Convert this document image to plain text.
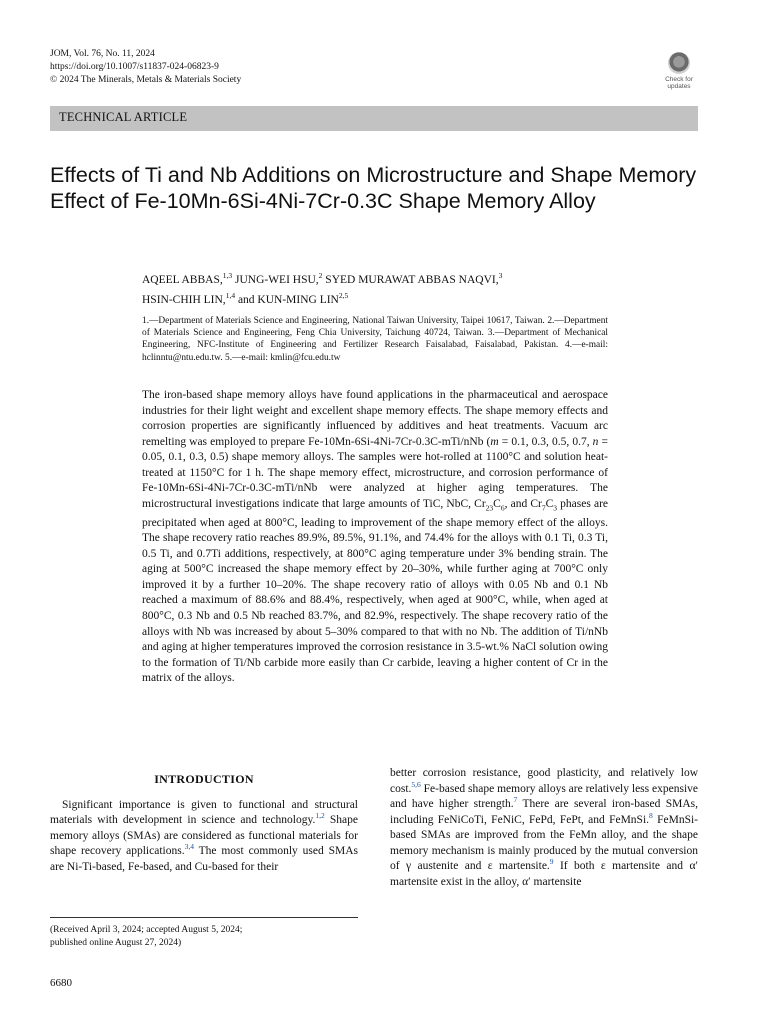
JOM, Vol. 76, No. 11, 2024
https://doi.org/10.1007/s11837-024-06823-9
© 2024 The Minerals, Metals & Materials Society	Check for
updates
TECHNICAL ARTICLE
Effects of Ti and Nb Additions on Microstructure and Shape Memory Effect of Fe-10Mn-6Si-4Ni-7Cr-0.3C Shape Memory Alloy
AQEEL ABBAS,$^{1,3}$ JUNG-WEI HSU,$^2$ SYED MURAWAT ABBAS NAQVI,$^3$
HSIN-CHIH LIN,$^{1,4}$ and KUN-MING LIN$^{2,5}$
1.—Department of Materials Science and Engineering, National Taiwan University, Taipei 10617, Taiwan. 2.—Department of Materials Science and Engineering, Feng Chia University, Taichung 40724, Taiwan. 3.—Department of Mechanical Engineering, NFC-Institute of Engineering and Fertilizer Research Faisalabad, Faisalabad, Pakistan. 4.—e-mail: hclinntu@ntu.edu.tw. 5.—e-mail: kmlin@fcu.edu.tw

The iron-based shape memory alloys have found applications in the pharmaceutical and aerospace industries for their light weight and excellent shape memory effects. The shape memory effects and corrosion properties are significantly influenced by additives and heat treatments. Vacuum arc remelting was employed to prepare Fe-10Mn-6Si-4Ni-7Cr-0.3C-mTi/nNb (m = 0.1, 0.3, 0.5, 0.7, n = 0.05, 0.1, 0.3, 0.5) shape memory alloys. The samples were hot-rolled at 1100°C and solution heat-treated at 1150°C for 1 h. The shape memory effect, microstructure, and corrosion performance of Fe-10Mn-6Si-4Ni-7Cr-0.3C-mTi/nNb were analyzed at higher aging temperatures. The microstructural investigations indicate that large amounts of TiC, NbC, $Cr_{23}C_6$, and $Cr_7C_3$ phases are precipitated when aged at 800°C, leading to improvement of the shape memory effect of the alloys. The shape recovery ratio reaches 89.9%, 89.5%, 91.1%, and 74.4% for the alloys with 0.1 Ti, 0.3 Ti, 0.5 Ti, and 0.7Ti additions, respectively, at 800°C aging temperature under 3% bending strain. The aging at 500°C increased the shape memory effect by 20–30%, while further aging at 700°C only improved it by a further 10–20%. The shape recovery ratio of alloys with 0.05 Nb and 0.1 Nb reached a maximum of 88.6% and 88.4%, respectively, when aged at 900°C, while, when aged at 800°C, 0.3 Nb and 0.5 Nb reached 83.7%, and 82.9%, respectively. The shape recovery ratio of the alloys with Nb was increased by about 5–30% compared to that with no Nb. The addition of Ti/nNb and aging at higher temperatures improved the corrosion resistance in 3.5-wt.% NaCl solution owing to the formation of Ti/Nb carbide more easily than Cr carbide, leaving a higher content of Cr in the matrix of the alloys.

INTRODUCTION

Significant importance is given to functional and structural materials with development in science and technology.$^{1,2}$ Shape memory alloys (SMAs) are considered as functional materials for shape recovery applications.$^{3,4}$ The most commonly used SMAs are Ni-Ti-based, Fe-based, and Cu-based for their

better corrosion resistance, good plasticity, and relatively low cost.$^{5,6}$ Fe-based shape memory alloys are relatively less expensive and have higher strength.$^7$ There are several iron-based SMAs, including FeNiCoTi, FeNiC, FePd, FePt, and FeMnSi.$^8$ FeMnSi-based SMAs are improved from the FeMn alloy, and the shape memory mechanism is mainly produced by the mutual conversion of γ austenite and ε martensite.$^9$ If both ε martensite and α′ martensite exist in the alloy, α′ martensite

(Received April 3, 2024; accepted August 5, 2024;
published online August 27, 2024)
6680
